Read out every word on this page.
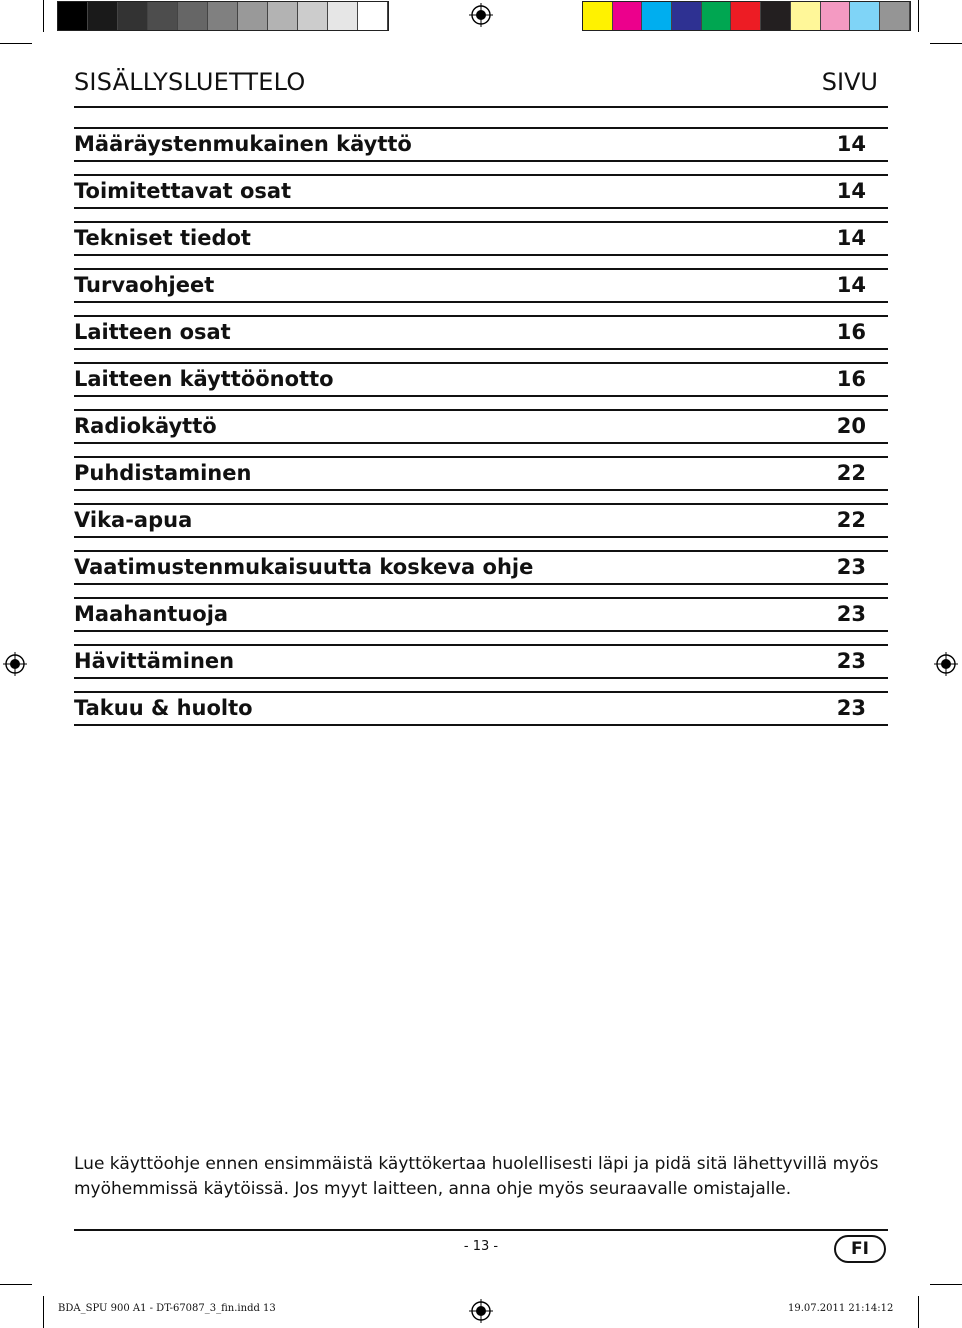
SISÄLLYSLUETTELO	SIVU
Määräystenmukainen käyttö	14
Toimitettavat osat	14
Tekniset tiedot	14
Turvaohjeet	14
Laitteen osat	16
Laitteen käyttöönotto	16
Radiokäyttö	20
Puhdistaminen	22
Vika-apua	22
Vaatimustenmukaisuutta koskeva ohje	23
Maahantuoja	23
Hävittäminen	23
Takuu & huolto	23
Lue käyttöohje ennen ensimmäistä käyttökertaa huolellisesti läpi ja pidä sitä lähettyvillä myös myöhemmissä käytöissä. Jos myyt laitteen, anna ohje myös seuraavalle omistajalle.
- 13 -	FI
BDA_SPU 900 A1 - DT-67087_3_fin.indd 13	19.07.2011 21:14:12
